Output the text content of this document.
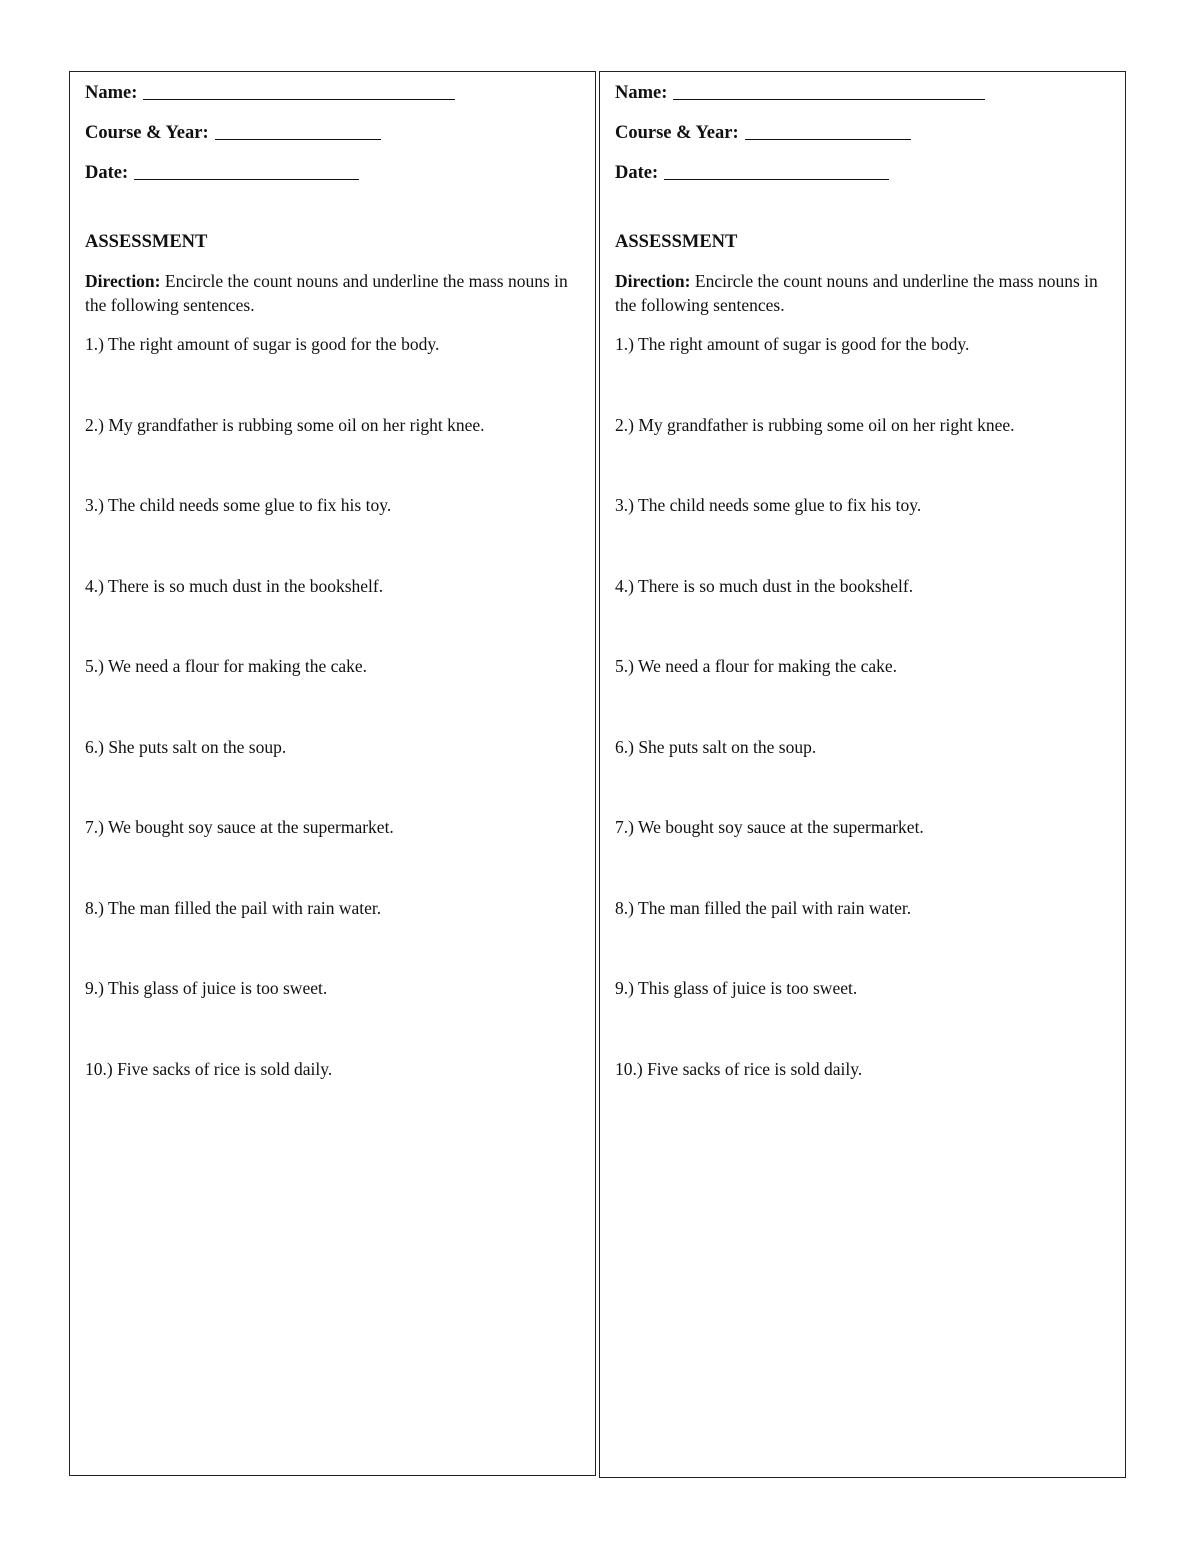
Name:
Course & Year:
Date:
ASSESSMENT

Direction: Encircle the count nouns and underline the mass nouns in the following sentences.

1.) The right amount of sugar is good for the body.
2.) My grandfather is rubbing some oil on her right knee.
3.) The child needs some glue to fix his toy.
4.) There is so much dust in the bookshelf.
5.) We need a flour for making the cake.
6.) She puts salt on the soup.
7.) We bought soy sauce at the supermarket.
8.) The man filled the pail with rain water.
9.) This glass of juice is too sweet.
10.) Five sacks of rice is sold daily.
Name:
Course & Year:
Date:
ASSESSMENT

Direction: Encircle the count nouns and underline the mass nouns in the following sentences.

1.) The right amount of sugar is good for the body.
2.) My grandfather is rubbing some oil on her right knee.
3.) The child needs some glue to fix his toy.
4.) There is so much dust in the bookshelf.
5.) We need a flour for making the cake.
6.) She puts salt on the soup.
7.) We bought soy sauce at the supermarket.
8.) The man filled the pail with rain water.
9.) This glass of juice is too sweet.
10.) Five sacks of rice is sold daily.
